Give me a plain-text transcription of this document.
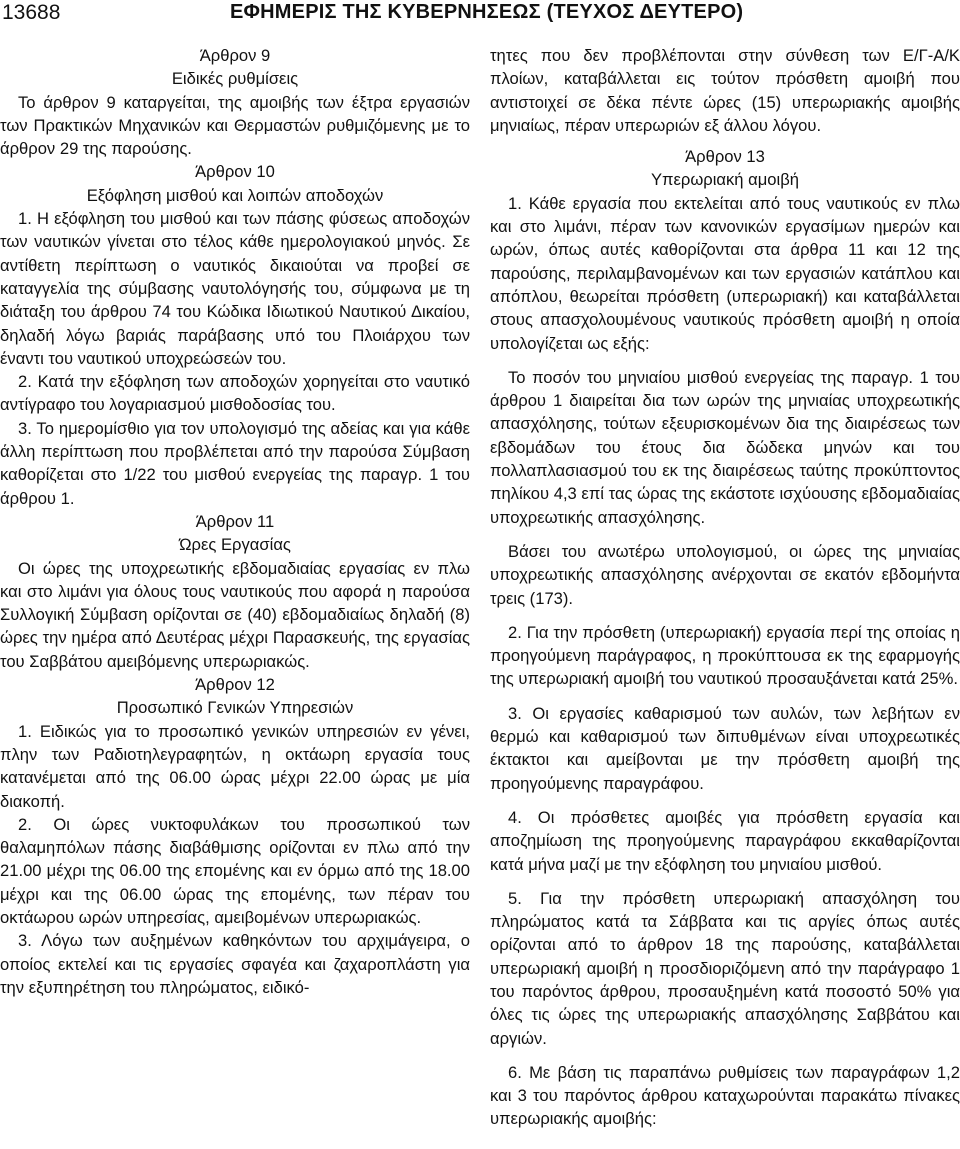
13688	ΕΦΗΜΕΡΙΣ ΤΗΣ ΚΥΒΕΡΝΗΣΕΩΣ (ΤΕΥΧΟΣ ΔΕΥΤΕΡΟ)

Άρθρον 9

Ειδικές ρυθμίσεις

Το άρθρον 9 καταργείται, της αμοιβής των έξτρα εργασιών των Πρακτικών Μηχανικών και Θερμαστών ρυθμιζόμενης με το άρθρον 29 της παρούσης.

Άρθρον 10

Εξόφληση μισθού και λοιπών αποδοχών

1. Η εξόφληση του μισθού και των πάσης φύσεως αποδοχών των ναυτικών γίνεται στο τέλος κάθε ημερολογιακού μηνός. Σε αντίθετη περίπτωση ο ναυτικός δικαιούται να προβεί σε καταγγελία της σύμβασης ναυτολόγησής του, σύμφωνα με τη διάταξη του άρθρου 74 του Κώδικα Ιδιωτικού Ναυτικού Δικαίου, δηλαδή λόγω βαριάς παράβασης υπό του Πλοιάρχου των έναντι του ναυτικού υποχρεώσεών του.

2. Κατά την εξόφληση των αποδοχών χορηγείται στο ναυτικό αντίγραφο του λογαριασμού μισθοδοσίας του.

3. Το ημερομίσθιο για τον υπολογισμό της αδείας και για κάθε άλλη περίπτωση που προβλέπεται από την παρούσα Σύμβαση καθορίζεται στο 1/22 του μισθού ενεργείας της παραγρ. 1 του άρθρου 1.

Άρθρον 11

Ώρες Εργασίας

Οι ώρες της υποχρεωτικής εβδομαδιαίας εργασίας εν πλω και στο λιμάνι για όλους τους ναυτικούς που αφορά η παρούσα Συλλογική Σύμβαση ορίζονται σε (40) εβδομαδιαίως δηλαδή (8) ώρες την ημέρα από Δευτέρας μέχρι Παρασκευής, της εργασίας του Σαββάτου αμειβόμενης υπερωριακώς.

Άρθρον 12

Προσωπικό Γενικών Υπηρεσιών

1. Ειδικώς για το προσωπικό γενικών υπηρεσιών εν γένει, πλην των Ραδιοτηλεγραφητών, η οκτάωρη εργασία τους κατανέμεται από της 06.00 ώρας μέχρι 22.00 ώρας με μία διακοπή.

2. Οι ώρες νυκτοφυλάκων του προσωπικού των θαλαμηπόλων πάσης διαβάθμισης ορίζονται εν πλω από την 21.00 μέχρι της 06.00 της επομένης και εν όρμω από της 18.00 μέχρι και της 06.00 ώρας της επομένης, των πέραν του οκτάωρου ωρών υπηρεσίας, αμειβομένων υπερωριακώς.

3. Λόγω των αυξημένων καθηκόντων του αρχιμάγειρα, ο οποίος εκτελεί και τις εργασίες σφαγέα και ζαχαροπλάστη για την εξυπηρέτηση του πληρώματος, ειδικό-

τητες που δεν προβλέπονται στην σύνθεση των Ε/Γ-Α/Κ πλοίων, καταβάλλεται εις τούτον πρόσθετη αμοιβή που αντιστοιχεί σε δέκα πέντε ώρες (15) υπερωριακής αμοιβής μηνιαίως, πέραν υπερωριών εξ άλλου λόγου.

Άρθρον 13

Υπερωριακή αμοιβή

1. Κάθε εργασία που εκτελείται από τους ναυτικούς εν πλω και στο λιμάνι, πέραν των κανονικών εργασίμων ημερών και ωρών, όπως αυτές καθορίζονται στα άρθρα 11 και 12 της παρούσης, περιλαμβανομένων και των εργασιών κατάπλου και απόπλου, θεωρείται πρόσθετη (υπερωριακή) και καταβάλλεται στους απασχολουμένους ναυτικούς πρόσθετη αμοιβή η οποία υπολογίζεται ως εξής:

Το ποσόν του μηνιαίου μισθού ενεργείας της παραγρ. 1 του άρθρου 1 διαιρείται δια των ωρών της μηνιαίας υποχρεωτικής απασχόλησης, τούτων εξευρισκομένων δια της διαιρέσεως των εβδομάδων του έτους δια δώδεκα μηνών και του πολλαπλασιασμού του εκ της διαιρέσεως ταύτης προκύπτοντος πηλίκου 4,3 επί τας ώρας της εκάστοτε ισχύουσης εβδομαδιαίας υποχρεωτικής απασχόλησης.

Βάσει του ανωτέρω υπολογισμού, οι ώρες της μηνιαίας υποχρεωτικής απασχόλησης ανέρχονται σε εκατόν εβδομήντα τρεις (173).

2. Για την πρόσθετη (υπερωριακή) εργασία περί της οποίας η προηγούμενη παράγραφος, η προκύπτουσα εκ της εφαρμογής της υπερωριακή αμοιβή του ναυτικού προσαυξάνεται κατά 25%.

3. Οι εργασίες καθαρισμού των αυλών, των λεβήτων εν θερμώ και καθαρισμού των διπυθμένων είναι υποχρεωτικές έκτακτοι και αμείβονται με την πρόσθετη αμοιβή της προηγούμενης παραγράφου.

4. Οι πρόσθετες αμοιβές για πρόσθετη εργασία και αποζημίωση της προηγούμενης παραγράφου εκκαθαρίζονται κατά μήνα μαζί με την εξόφληση του μηνιαίου μισθού.

5. Για την πρόσθετη υπερωριακή απασχόληση του πληρώματος κατά τα Σάββατα και τις αργίες όπως αυτές ορίζονται από το άρθρον 18 της παρούσης, καταβάλλεται υπερωριακή αμοιβή η προσδιοριζόμενη από την παράγραφο 1 του παρόντος άρθρου, προσαυξημένη κατά ποσοστό 50% για όλες τις ώρες της υπερωριακής απασχόλησης Σαββάτου και αργιών.

6. Με βάση τις παραπάνω ρυθμίσεις των παραγράφων 1,2 και 3 του παρόντος άρθρου καταχωρούνται παρακάτω πίνακες υπερωριακής αμοιβής:
